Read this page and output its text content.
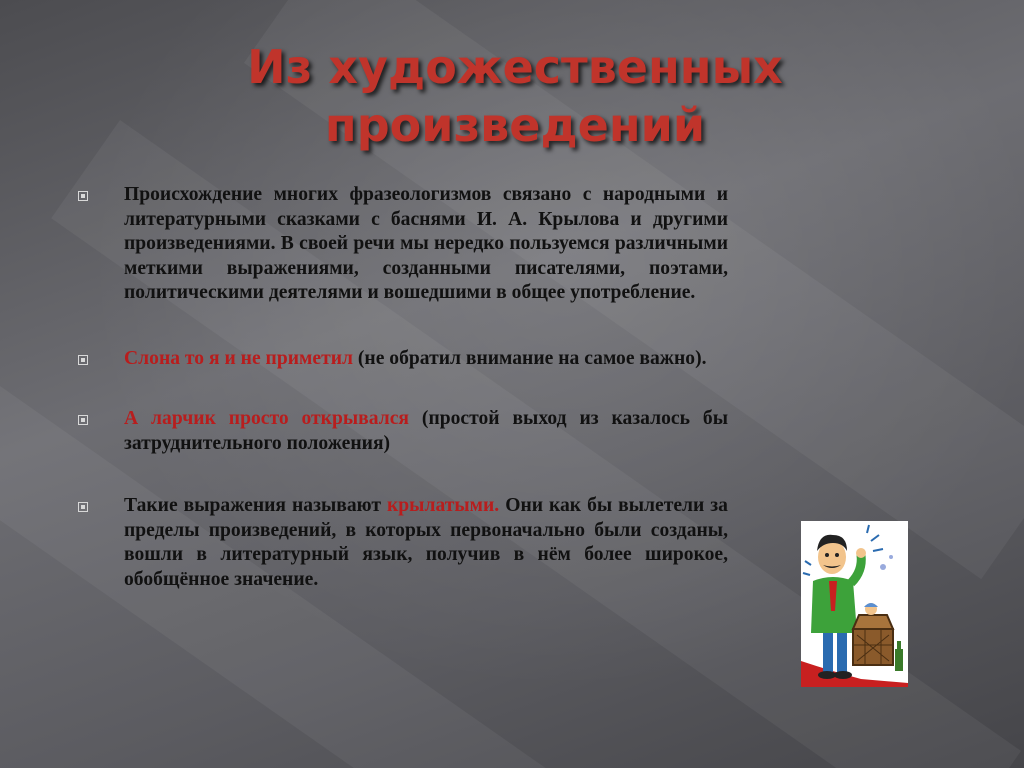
Из художественных произведений
Происхождение многих фразеологизмов связано с народными и литературными сказками с баснями И. А. Крылова и другими произведениями. В своей речи мы нередко пользуемся различными меткими выражениями, созданными писателями, поэтами, политическими деятелями и вошедшими в общее употребление.
Слона то я и не приметил (не обратил внимание на самое важно).
А ларчик просто открывался (простой выход из казалось бы затруднительного положения)
Такие выражения называют крылатыми. Они как бы вылетели за пределы произведений, в которых первоначально были созданы, вошли в литературный язык, получив в нём более широкое, обобщённое значение.
